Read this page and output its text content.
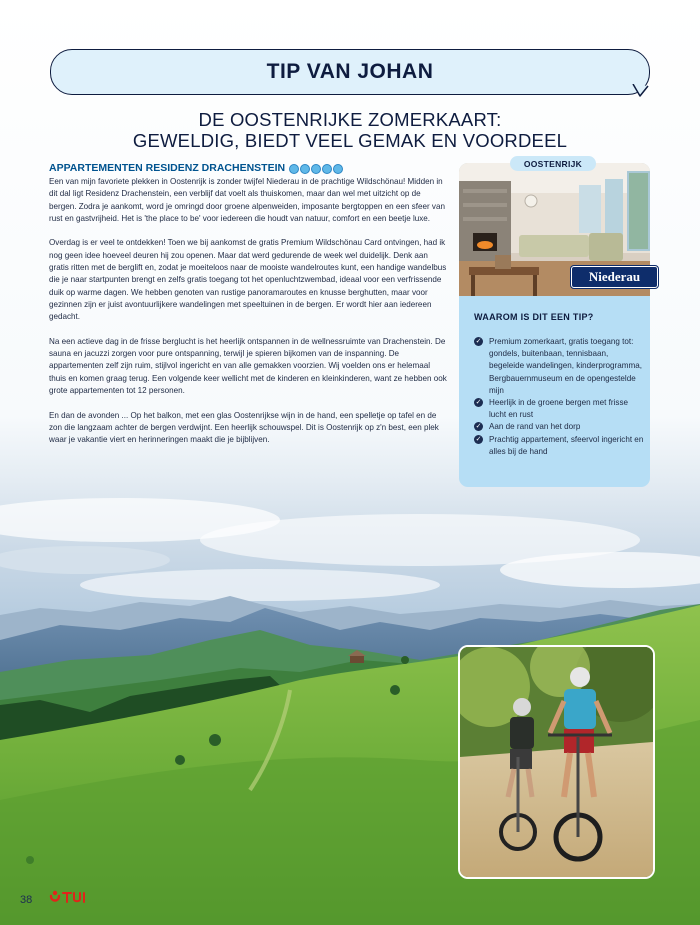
TIP VAN JOHAN
DE OOSTENRIJKE ZOMERKAART:
GEWELDIG, BIEDT VEEL GEMAK EN VOORDEEL
APPARTEMENTEN RESIDENZ DRACHENSTEIN

Een van mijn favoriete plekken in Oostenrijk is zonder twijfel Niederau in de prachtige Wildschönau! Midden in dit dal ligt Residenz Drachenstein, een verblijf dat voelt als thuiskomen, maar dan wel met uitzicht op de bergen. Zodra je aankomt, word je omringd door groene alpenweiden, imposante bergtoppen en een sfeer van rust en gastvrijheid. Het is 'the place to be' voor iedereen die houdt van natuur, comfort en een beetje luxe.

Overdag is er veel te ontdekken! Toen we bij aankomst de gratis Premium Wildschönau Card ontvingen, had ik nog geen idee hoeveel deuren hij zou openen. Maar dat werd gedurende de week wel duidelijk. Denk aan gratis ritten met de berglift en, zodat je moeiteloos naar de mooiste wandelroutes kunt, een handige wandelbus die je naar startpunten brengt en zelfs gratis toegang tot het openluchtzwembad, ideaal voor een verfrissende duik op warme dagen. We hebben genoten van rustige panoramaroutes en knusse berghutten, maar voor gezinnen zijn er juist avontuurlijkere wandelingen met speeltuinen in de bergen. Er wordt hier aan iedereen gedacht.

Na een actieve dag in de frisse berglucht is het heerlijk ontspannen in de wellnessruimte van Drachenstein. De sauna en jacuzzi zorgen voor pure ontspanning, terwijl je spieren bijkomen van de inspanning. De appartementen zelf zijn ruim, stijlvol ingericht en van alle gemakken voorzien. Wij voelden ons er helemaal thuis en komen graag terug. Een volgende keer wellicht met de kinderen en kleinkinderen, want ze hebben ook grote appartementen tot 12 personen.

En dan de avonden ... Op het balkon, met een glas Oostenrijkse wijn in de hand, een spelletje op tafel en de zon die langzaam achter de bergen verdwijnt. Een heerlijk schouwspel. Dit is Oostenrijk op z'n best, een plek waar je vakantie viert en herinneringen maakt die je bijblijven.

OOSTENRIJK
Niederau
WAAROM IS DIT EEN TIP?
✓ Premium zomerkaart, gratis toegang tot: gondels, buitenbaan, tennisbaan, begeleide wandelingen, kinderprogramma, Bergbauernmuseum en de opengestelde mijn
✓ Heerlijk in de groene bergen met frisse lucht en rust
✓ Aan de rand van het dorp
✓ Prachtig appartement, sfeervol ingericht en alles bij de hand
38
